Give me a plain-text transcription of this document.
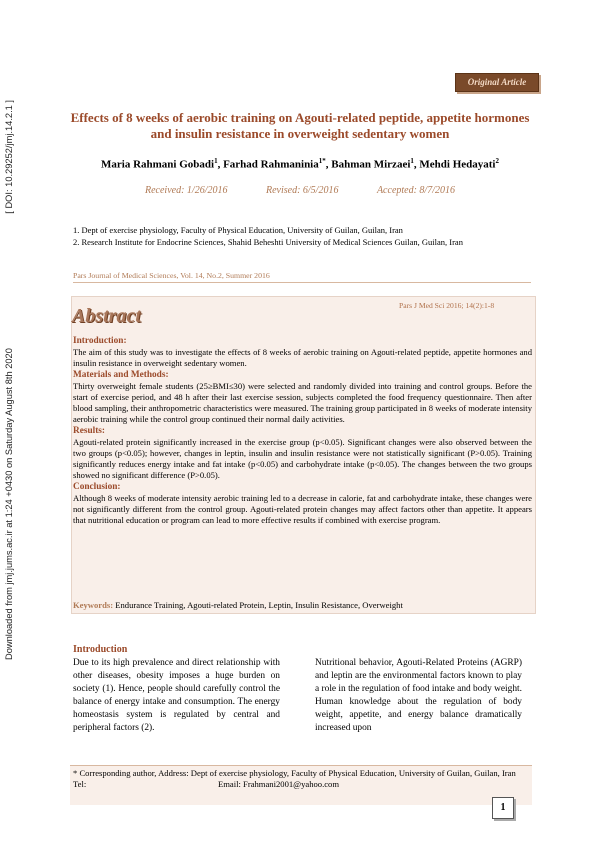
Downloaded from jmj.jums.ac.ir at 1:24 +0430 on Saturday August 8th 2020
[ DOI: 10.29252/jmj.14.2.1 ]
Original Article
Effects of 8 weeks of aerobic training on Agouti-related peptide, appetite hormones and insulin resistance in overweight sedentary women
Maria Rahmani Gobadi$^1$, Farhad Rahmaninia$^{1*}$, Bahman Mirzaei$^1$, Mehdi Hedayati$^2$
Received: 1/26/2016	Revised: 6/5/2016	Accepted: 8/7/2016
1. Dept of exercise physiology, Faculty of Physical Education, University of Guilan, Guilan, Iran
2. Research Institute for Endocrine Sciences, Shahid Beheshti University of Medical Sciences Guilan, Guilan, Iran
Pars Journal of Medical Sciences, Vol. 14, No.2, Summer 2016
Abstract	Pars J Med Sci 2016; 14(2):1-8
Introduction:

The aim of this study was to investigate the effects of 8 weeks of aerobic training on Agouti-related peptide, appetite hormones and insulin resistance in overweight sedentary women.

Materials and Methods:

Thirty overweight female students (25≥BMI≤30) were selected and randomly divided into training and control groups. Before the start of exercise period, and 48 h after their last exercise session, subjects completed the food frequency questionnaire. Then after blood sampling, their anthropometric characteristics were measured. The training group participated in 8 weeks of moderate intensity aerobic training while the control group continued their normal daily activities.

Results:

Agouti-related protein significantly increased in the exercise group (p<0.05). Significant changes were also observed between the two groups (p<0.05); however, changes in leptin, insulin and insulin resistance were not statistically significant (P>0.05). Training significantly reduces energy intake and fat intake (p<0.05) and carbohydrate intake (p<0.05). The changes between the two groups showed no significant difference (P>0.05).

Conclusion:

Although 8 weeks of moderate intensity aerobic training led to a decrease in calorie, fat and carbohydrate intake, these changes were not significantly different from the control group. Agouti-related protein changes may affect factors other than appetite. It appears that nutritional education or program can lead to more effective results if combined with exercise program.

Keywords: Endurance Training, Agouti-related Protein, Leptin, Insulin Resistance, Overweight
Introduction
Due to its high prevalence and direct relationship with other diseases, obesity imposes a huge burden on society (1). Hence, people should carefully control the balance of energy intake and consumption. The energy homeostasis system is regulated by central and peripheral factors (2).
Nutritional behavior, Agouti-Related Proteins (AGRP) and leptin are the environmental factors known to play a role in the regulation of food intake and body weight. Human knowledge about the regulation of body weight, appetite, and energy balance dramatically increased upon
* Corresponding author, Address: Dept of exercise physiology, Faculty of Physical Education, University of Guilan, Guilan, Iran
Tel:	Email: Frahmani2001@yahoo.com
1
